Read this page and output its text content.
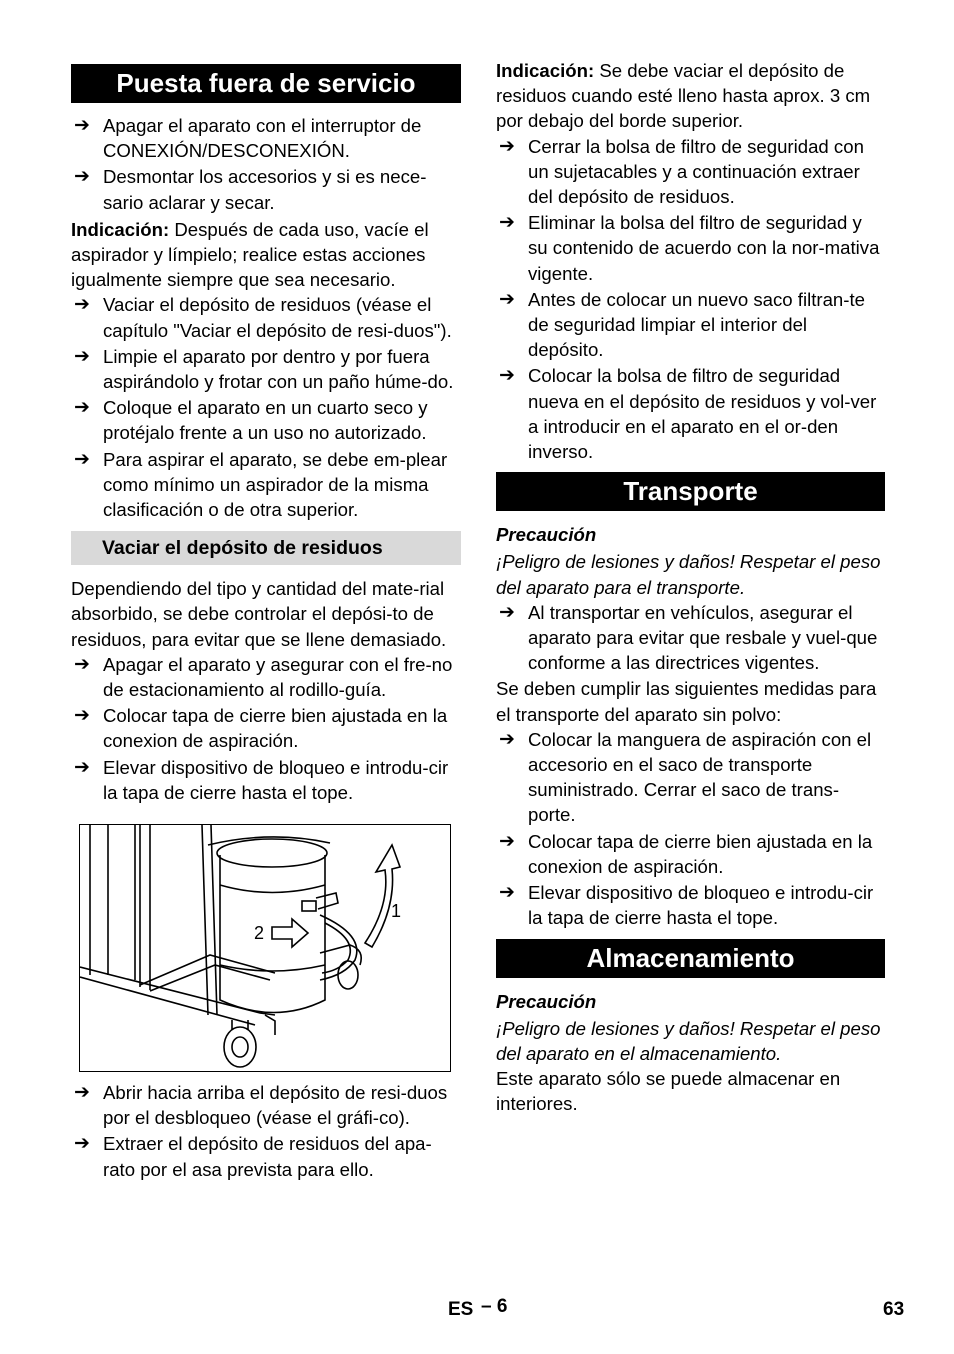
Puesta fuera de servicio

➔ Apagar el aparato con el interruptor de CONEXIÓN/DESCONEXIÓN.

➔ Desmontar los accesorios y si es nece-sario aclarar y secar.

Indicación: Después de cada uso, vacíe el aspirador y límpielo; realice estas acciones igualmente siempre que sea necesario.

➔ Vaciar el depósito de residuos (véase el capítulo "Vaciar el depósito de resi-duos").

➔ Limpie el aparato por dentro y por fuera aspirándolo y frotar con un paño húme-do.

➔ Coloque el aparato en un cuarto seco y protéjalo frente a un uso no autorizado.

➔ Para aspirar el aparato, se debe em-plear como mínimo un aspirador de la misma clasificación o de otra superior.

Vaciar el depósito de residuos

Dependiendo del tipo y cantidad del mate-rial absorbido, se debe controlar el depósi-to de residuos, para evitar que se llene demasiado.

➔ Apagar el aparato y asegurar con el fre-no de estacionamiento al rodillo-guía.

➔ Colocar tapa de cierre bien ajustada en la conexion de aspiración.

➔ Elevar dispositivo de bloqueo e introdu-cir la tapa de cierre hasta el tope.

1
2

➔ Abrir hacia arriba el depósito de resi-duos por el desbloqueo (véase el gráfi-co).

➔ Extraer el depósito de residuos del apa-rato por el asa prevista para ello.

Indicación: Se debe vaciar el depósito de residuos cuando esté lleno hasta aprox. 3 cm por debajo del borde superior.

➔ Cerrar la bolsa de filtro de seguridad con un sujetacables y a continuación extraer del depósito de residuos.

➔ Eliminar la bolsa del filtro de seguridad y su contenido de acuerdo con la nor-mativa vigente.

➔ Antes de colocar un nuevo saco filtran-te de seguridad limpiar el interior del depósito.

➔ Colocar la bolsa de filtro de seguridad nueva en el depósito de residuos y vol-ver a introducir en el aparato en el or-den inverso.

Transporte

Precaución

¡Peligro de lesiones y daños! Respetar el peso del aparato para el transporte.

➔ Al transportar en vehículos, asegurar el aparato para evitar que resbale y vuel-que conforme a las directrices vigentes.

Se deben cumplir las siguientes medidas para el transporte del aparato sin polvo:

➔ Colocar la manguera de aspiración con el accesorio en el saco de transporte suministrado. Cerrar el saco de trans-porte.

➔ Colocar tapa de cierre bien ajustada en la conexion de aspiración.

➔ Elevar dispositivo de bloqueo e introdu-cir la tapa de cierre hasta el tope.

Almacenamiento

Precaución

¡Peligro de lesiones y daños! Respetar el peso del aparato en el almacenamiento.

Este aparato sólo se puede almacenar en interiores.

ES – 6	63
